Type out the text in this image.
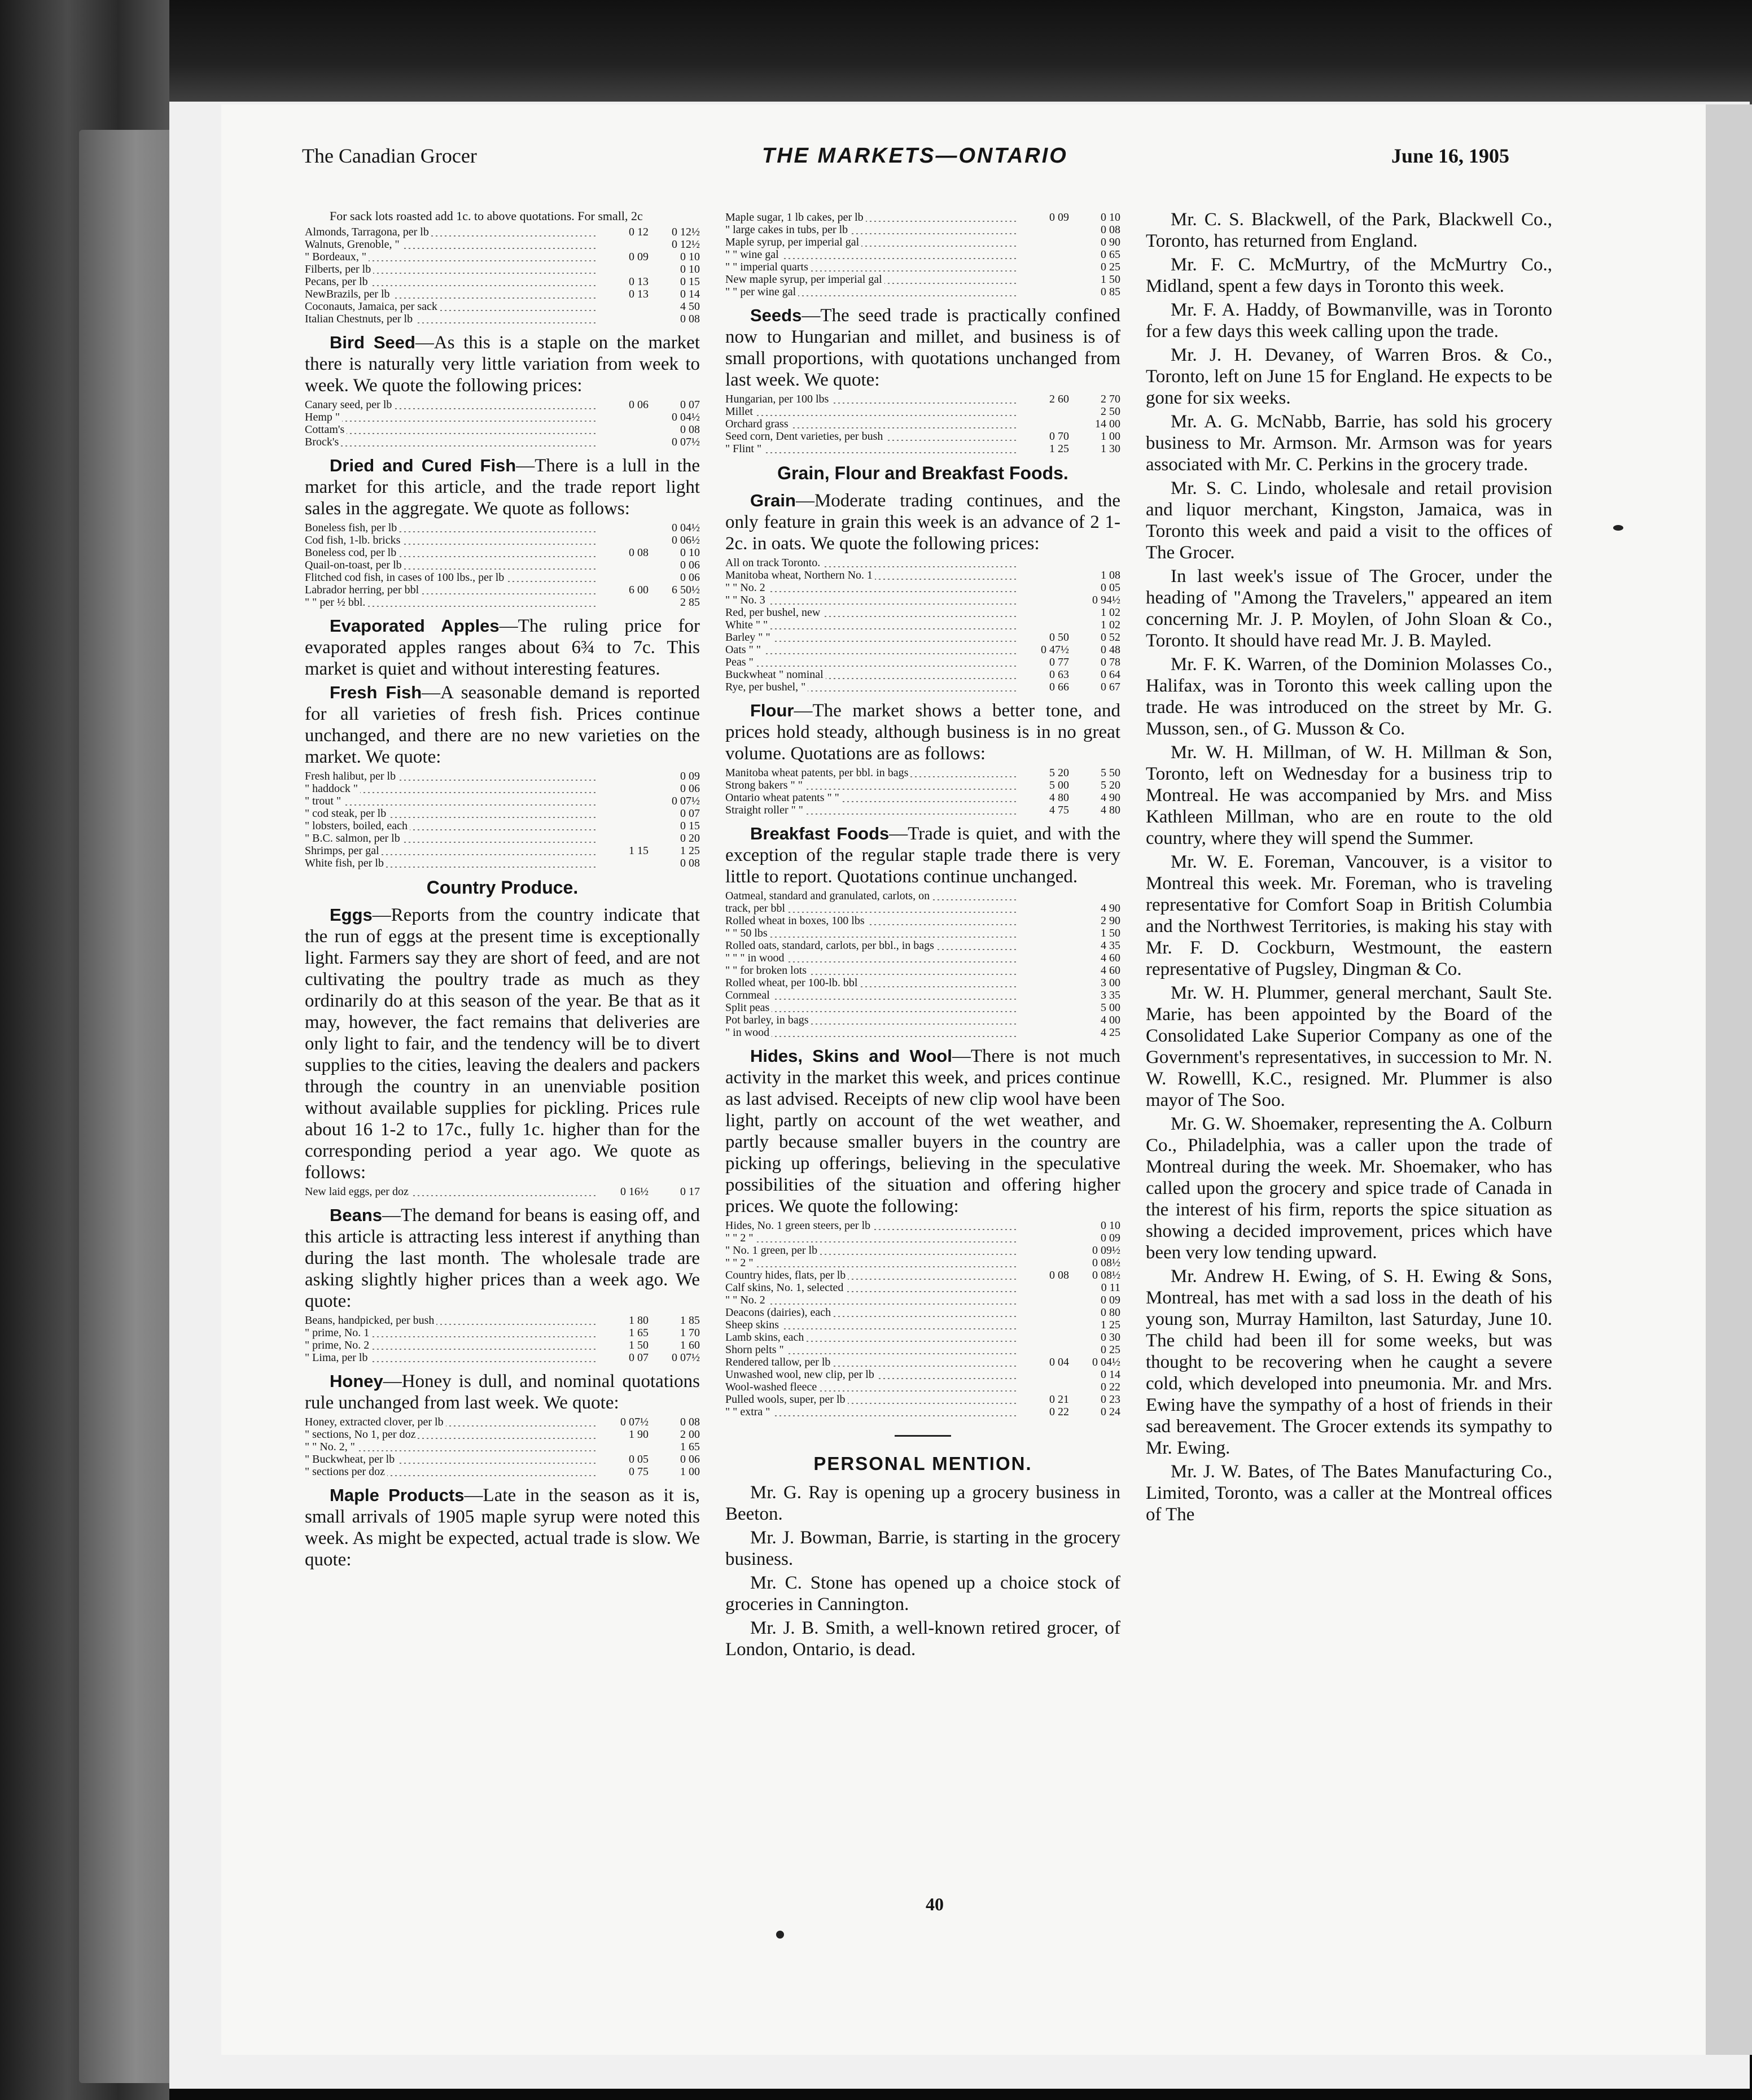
The Canadian Grocer	THE MARKETS—ONTARIO	June 16, 1905
For sack lots roasted add 1c. to above quotations. For small, 2c
Almonds, Tarragona, per lb	0 12	0 12½
Walnuts, Grenoble, "		0 12½
" Bordeaux, "	0 09	0 10
Filberts, per lb		0 10
Pecans, per lb	0 13	0 15
NewBrazils, per lb	0 13	0 14
Coconauts, Jamaica, per sack		4 50
Italian Chestnuts, per lb		0 08
Bird Seed—As this is a staple on the market there is naturally very little variation from week to week. We quote the following prices:
Canary seed, per lb	0 06	0 07
Hemp "		0 04½
Cottam's		0 08
Brock's		0 07½
Dried and Cured Fish—There is a lull in the market for this article, and the trade report light sales in the aggregate. We quote as follows:
Boneless fish, per lb		0 04½
Cod fish, 1-lb. bricks		0 06½
Boneless cod, per lb	0 08	0 10
Quail-on-toast, per lb		0 06
Flitched cod fish, in cases of 100 lbs., per lb		0 06
Labrador herring, per bbl	6 00	6 50½
" " per ½ bbl.		2 85
Evaporated Apples—The ruling price for evaporated apples ranges about 6¾ to 7c. This market is quiet and without interesting features.
Fresh Fish—A seasonable demand is reported for all varieties of fresh fish. Prices continue unchanged, and there are no new varieties on the market. We quote:
Fresh halibut, per lb		0 09
" haddock "		0 06
" trout "		0 07½
" cod steak, per lb		0 07
" lobsters, boiled, each		0 15
" B.C. salmon, per lb		0 20
Shrimps, per gal	1 15	1 25
White fish, per lb		0 08
Country Produce.
Eggs—Reports from the country indicate that the run of eggs at the present time is exceptionally light. Farmers say they are short of feed, and are not cultivating the poultry trade as much as they ordinarily do at this season of the year. Be that as it may, however, the fact remains that deliveries are only light to fair, and the tendency will be to divert supplies to the cities, leaving the dealers and packers through the country in an unenviable position without available supplies for pickling. Prices rule about 16 1-2 to 17c., fully 1c. higher than for the corresponding period a year ago. We quote as follows:
New laid eggs, per doz	0 16½	0 17
Beans—The demand for beans is easing off, and this article is attracting less interest if anything than during the last month. The wholesale trade are asking slightly higher prices than a week ago. We quote:
Beans, handpicked, per bush	1 80	1 85
" prime, No. 1	1 65	1 70
" prime, No. 2	1 50	1 60
" Lima, per lb	0 07	0 07½
Honey—Honey is dull, and nominal quotations rule unchanged from last week. We quote:
Honey, extracted clover, per lb	0 07½	0 08
" sections, No 1, per doz	1 90	2 00
" " No. 2, "		1 65
" Buckwheat, per lb	0 05	0 06
" sections per doz	0 75	1 00
Maple Products—Late in the season as it is, small arrivals of 1905 maple syrup were noted this week. As might be expected, actual trade is slow. We quote:
Maple sugar, 1 lb cakes, per lb	0 09	0 10
" large cakes in tubs, per lb		0 08
Maple syrup, per imperial gal		0 90
" " wine gal		0 65
" " imperial quarts		0 25
New maple syrup, per imperial gal		1 50
" " per wine gal		0 85
Seeds—The seed trade is practically confined now to Hungarian and millet, and business is of small proportions, with quotations unchanged from last week. We quote:
Hungarian, per 100 lbs	2 60	2 70
Millet		2 50
Orchard grass		14 00
Seed corn, Dent varieties, per bush	0 70	1 00
" Flint "	1 25	1 30
Grain, Flour and Breakfast Foods.
Grain—Moderate trading continues, and the only feature in grain this week is an advance of 2 1-2c. in oats. We quote the following prices:
All on track Toronto.		
Manitoba wheat, Northern No. 1		1 08
" " No. 2		0 05
" " No. 3		0 94½
Red, per bushel, new		1 02
White " "		1 02
Barley " "	0 50	0 52
Oats " "	0 47½	0 48
Peas "	0 77	0 78
Buckwheat " nominal	0 63	0 64
Rye, per bushel, "	0 66	0 67
Flour—The market shows a better tone, and prices hold steady, although business is in no great volume. Quotations are as follows:
Manitoba wheat patents, per bbl. in bags	5 20	5 50
Strong bakers " "	5 00	5 20
Ontario wheat patents " "	4 80	4 90
Straight roller " "	4 75	4 80
Breakfast Foods—Trade is quiet, and with the exception of the regular staple trade there is very little to report. Quotations continue unchanged.
Oatmeal, standard and granulated, carlots, on		
track, per bbl		4 90
Rolled wheat in boxes, 100 lbs		2 90
" " 50 lbs		1 50
Rolled oats, standard, carlots, per bbl., in bags		4 35
" " " in wood		4 60
" " for broken lots		4 60
Rolled wheat, per 100-lb. bbl		3 00
Cornmeal		3 35
Split peas		5 00
Pot barley, in bags		4 00
" in wood		4 25
Hides, Skins and Wool—There is not much activity in the market this week, and prices continue as last advised. Receipts of new clip wool have been light, partly on account of the wet weather, and partly because smaller buyers in the country are picking up offerings, believing in the speculative possibilities of the situation and offering higher prices. We quote the following:
Hides, No. 1 green steers, per lb		0 10
" " 2 "		0 09
" No. 1 green, per lb		0 09½
" " 2 "		0 08½
Country hides, flats, per lb	0 08	0 08½
Calf skins, No. 1, selected		0 11
" " No. 2		0 09
Deacons (dairies), each		0 80
Sheep skins		1 25
Lamb skins, each		0 30
Shorn pelts "		0 25
Rendered tallow, per lb	0 04	0 04½
Unwashed wool, new clip, per lb		0 14
Wool-washed fleece		0 22
Pulled wools, super, per lb	0 21	0 23
" " extra "	0 22	0 24
PERSONAL MENTION.
Mr. G. Ray is opening up a grocery business in Beeton.
Mr. J. Bowman, Barrie, is starting in the grocery business.
Mr. C. Stone has opened up a choice stock of groceries in Cannington.
Mr. J. B. Smith, a well-known retired grocer, of London, Ontario, is dead.
Mr. C. S. Blackwell, of the Park, Blackwell Co., Toronto, has returned from England.
Mr. F. C. McMurtry, of the McMurtry Co., Midland, spent a few days in Toronto this week.
Mr. F. A. Haddy, of Bowmanville, was in Toronto for a few days this week calling upon the trade.
Mr. J. H. Devaney, of Warren Bros. & Co., Toronto, left on June 15 for England. He expects to be gone for six weeks.
Mr. A. G. McNabb, Barrie, has sold his grocery business to Mr. Armson. Mr. Armson was for years associated with Mr. C. Perkins in the grocery trade.
Mr. S. C. Lindo, wholesale and retail provision and liquor merchant, Kingston, Jamaica, was in Toronto this week and paid a visit to the offices of The Grocer.
In last week's issue of The Grocer, under the heading of "Among the Travelers," appeared an item concerning Mr. J. P. Moylen, of John Sloan & Co., Toronto. It should have read Mr. J. B. Mayled.
Mr. F. K. Warren, of the Dominion Molasses Co., Halifax, was in Toronto this week calling upon the trade. He was introduced on the street by Mr. G. Musson, sen., of G. Musson & Co.
Mr. W. H. Millman, of W. H. Millman & Son, Toronto, left on Wednesday for a business trip to Montreal. He was accompanied by Mrs. and Miss Kathleen Millman, who are en route to the old country, where they will spend the Summer.
Mr. W. E. Foreman, Vancouver, is a visitor to Montreal this week. Mr. Foreman, who is traveling representative for Comfort Soap in British Columbia and the Northwest Territories, is making his stay with Mr. F. D. Cockburn, Westmount, the eastern representative of Pugsley, Dingman & Co.
Mr. W. H. Plummer, general merchant, Sault Ste. Marie, has been appointed by the Board of the Consolidated Lake Superior Company as one of the Government's representatives, in succession to Mr. N. W. Rowelll, K.C., resigned. Mr. Plummer is also mayor of The Soo.
Mr. G. W. Shoemaker, representing the A. Colburn Co., Philadelphia, was a caller upon the trade of Montreal during the week. Mr. Shoemaker, who has called upon the grocery and spice trade of Canada in the interest of his firm, reports the spice situation as showing a decided improvement, prices which have been very low tending upward.
Mr. Andrew H. Ewing, of S. H. Ewing & Sons, Montreal, has met with a sad loss in the death of his young son, Murray Hamilton, last Saturday, June 10. The child had been ill for some weeks, but was thought to be recovering when he caught a severe cold, which developed into pneumonia. Mr. and Mrs. Ewing have the sympathy of a host of friends in their sad bereavement. The Grocer extends its sympathy to Mr. Ewing.
Mr. J. W. Bates, of The Bates Manufacturing Co., Limited, Toronto, was a caller at the Montreal offices of The
40
